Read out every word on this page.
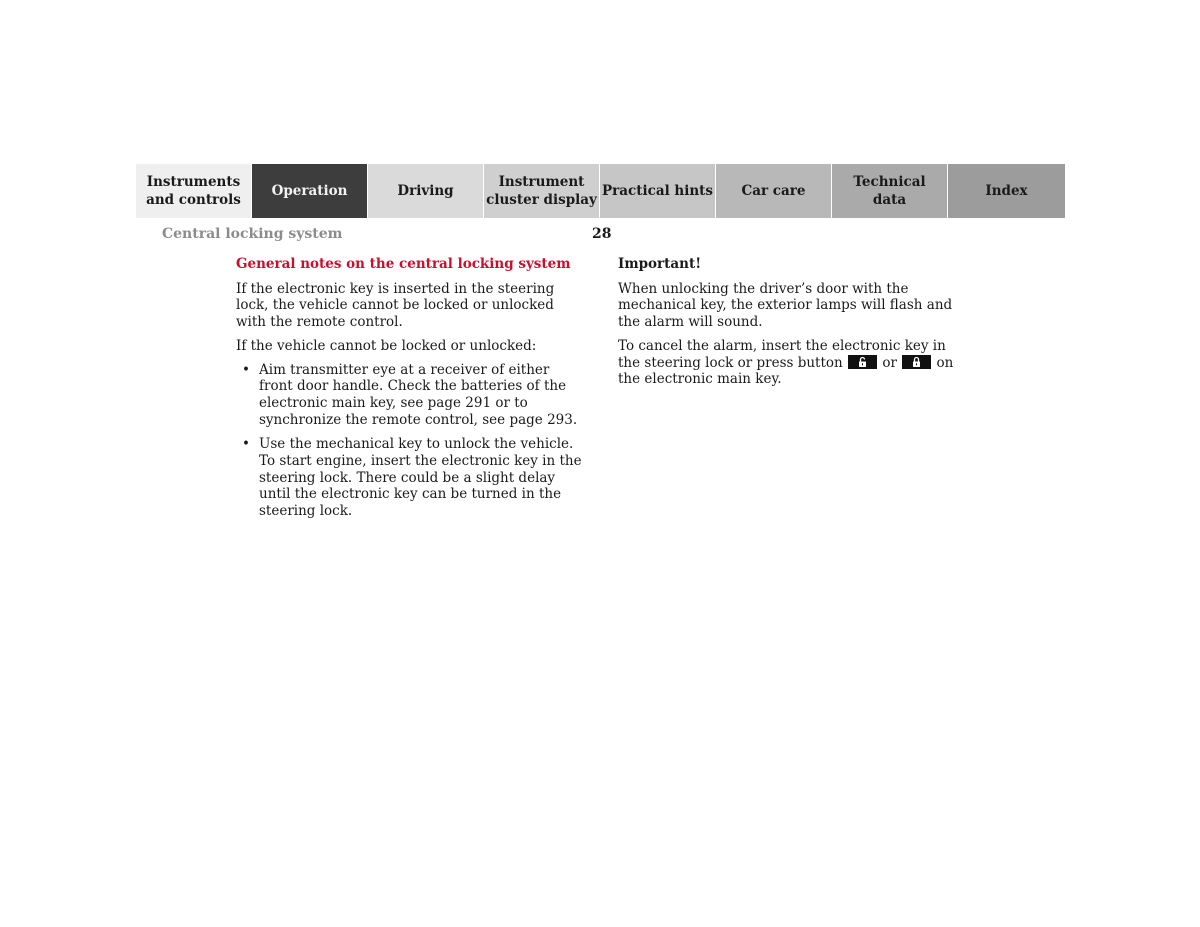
Instruments
and controls
Operation	Driving
Instrument
cluster display
Practical hints	Car care
Technical
data
Index
Central locking system	28
General notes on the central locking system

If the electronic key is inserted in the steering lock, the vehicle cannot be locked or unlocked with the remote control.

If the vehicle cannot be locked or unlocked:

• Aim transmitter eye at a receiver of either front door handle. Check the batteries of the electronic main key, see page 291 or to synchronize the remote control, see page 293.
• Use the mechanical key to unlock the vehicle. To start engine, insert the electronic key in the steering lock. There could be a slight delay until the electronic key can be turned in the steering lock.
Important!

When unlocking the driver’s door with the mechanical key, the exterior lamps will flash and the alarm will sound.

To cancel the alarm, insert the electronic key in the steering lock or press button	or	on the electronic main key.
